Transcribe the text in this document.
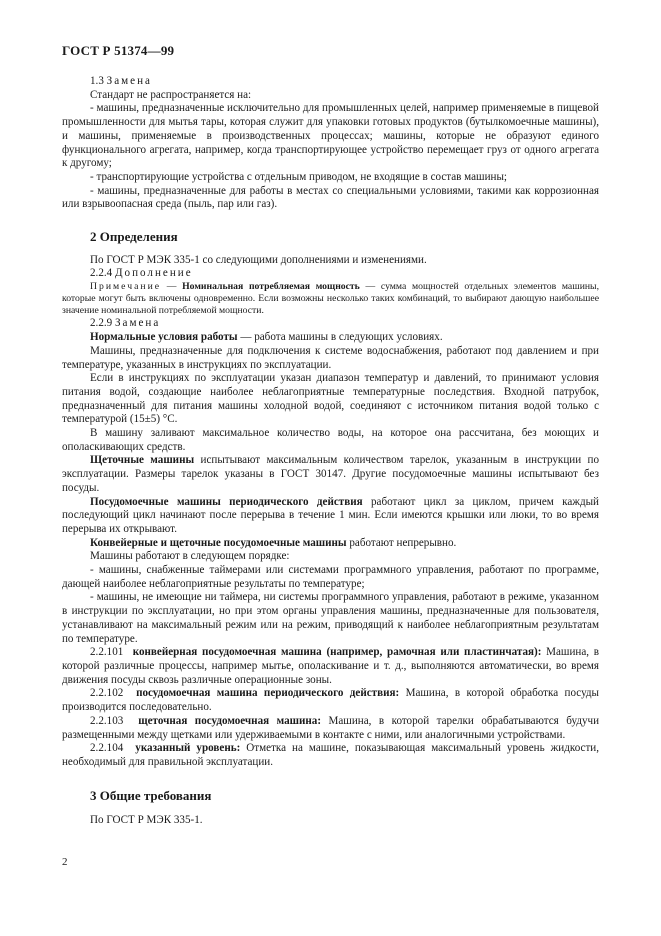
ГОСТ Р 51374—99

1.3 Замена

Стандарт не распространяется на:

- машины, предназначенные исключительно для промышленных целей, например применяемые в пищевой промышленности для мытья тары, которая служит для упаковки готовых продуктов (бутылкомоечные машины), и машины, применяемые в производственных процессах; машины, которые не образуют единого функционального агрегата, например, когда транспортирующее устройство перемещает груз от одного агрегата к другому;

- транспортирующие устройства с отдельным приводом, не входящие в состав машины;

- машины, предназначенные для работы в местах со специальными условиями, такими как коррозионная или взрывоопасная среда (пыль, пар или газ).

2 Определения

По ГОСТ Р МЭК 335-1 со следующими дополнениями и изменениями.

2.2.4 Дополнение

Примечание — Номинальная потребляемая мощность — сумма мощностей отдельных элементов машины, которые могут быть включены одновременно. Если возможны несколько таких комбинаций, то выбирают дающую наибольшее значение номинальной потребляемой мощности.

2.2.9 Замена

Нормальные условия работы — работа машины в следующих условиях.

Машины, предназначенные для подключения к системе водоснабжения, работают под давлением и при температуре, указанных в инструкциях по эксплуатации.

Если в инструкциях по эксплуатации указан диапазон температур и давлений, то принимают условия питания водой, создающие наиболее неблагоприятные температурные последствия. Входной патрубок, предназначенный для питания машины холодной водой, соединяют с источником питания водой только с температурой (15±5) °С.

В машину заливают максимальное количество воды, на которое она рассчитана, без моющих и ополаскивающих средств.

Щеточные машины испытывают максимальным количеством тарелок, указанным в инструкции по эксплуатации. Размеры тарелок указаны в ГОСТ 30147. Другие посудомоечные машины испытывают без посуды.

Посудомоечные машины периодического действия работают цикл за циклом, причем каждый последующий цикл начинают после перерыва в течение 1 мин. Если имеются крышки или люки, то во время перерыва их открывают.

Конвейерные и щеточные посудомоечные машины работают непрерывно.

Машины работают в следующем порядке:

- машины, снабженные таймерами или системами программного управления, работают по программе, дающей наиболее неблагоприятные результаты по температуре;

- машины, не имеющие ни таймера, ни системы программного управления, работают в режиме, указанном в инструкции по эксплуатации, но при этом органы управления машины, предназначенные для пользователя, устанавливают на максимальный режим или на режим, приводящий к наиболее неблагоприятным результатам по температуре.

2.2.101 конвейерная посудомоечная машина (например, рамочная или пластинчатая): Машина, в которой различные процессы, например мытье, ополаскивание и т. д., выполняются автоматически, во время движения посуды сквозь различные операционные зоны.

2.2.102 посудомоечная машина периодического действия: Машина, в которой обработка посуды производится последовательно.

2.2.103 щеточная посудомоечная машина: Машина, в которой тарелки обрабатываются будучи размещенными между щетками или удерживаемыми в контакте с ними, или аналогичными устройствами.

2.2.104 указанный уровень: Отметка на машине, показывающая максимальный уровень жидкости, необходимый для правильной эксплуатации.

3 Общие требования

По ГОСТ Р МЭК 335-1.

2
